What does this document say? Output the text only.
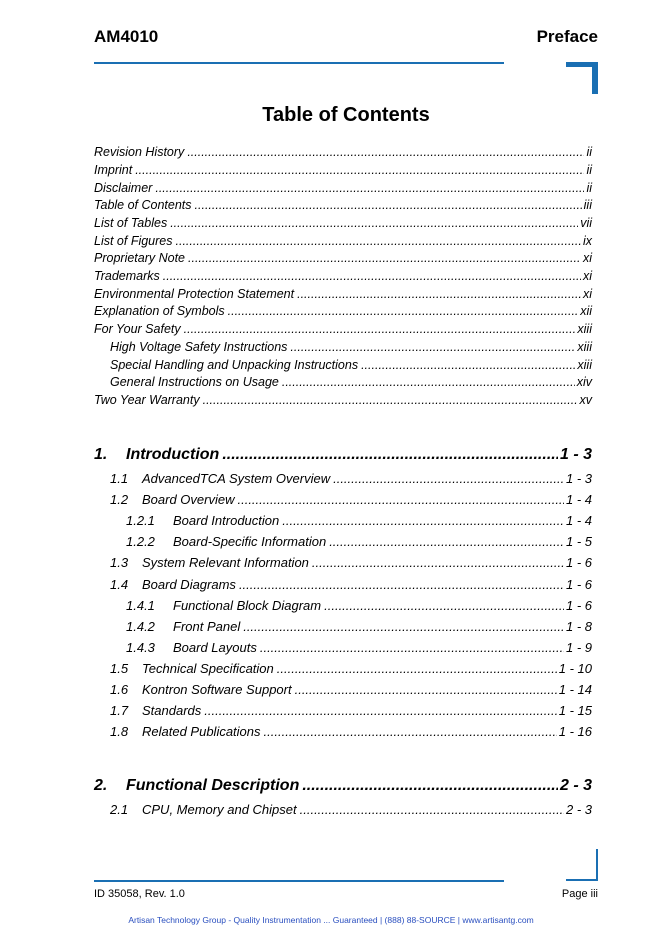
AM4010	Preface
Table of Contents
Revision History .....	ii
Imprint .....	ii
Disclaimer .....	ii
Table of Contents .....	iii
List of Tables .....	vii
List of Figures .....	ix
Proprietary Note .....	xi
Trademarks .....	xi
Environmental Protection Statement .....	xi
Explanation of Symbols .....	xii
For Your Safety .....	xiii
High Voltage Safety Instructions .....	xiii
Special Handling and Unpacking Instructions .....	xiii
General Instructions on Usage .....	xiv
Two Year Warranty .....	xv
1. Introduction .....	1 - 3
1.1 AdvancedTCA System Overview .....	1 - 3
1.2 Board Overview .....	1 - 4
1.2.1 Board Introduction .....	1 - 4
1.2.2 Board-Specific Information .....	1 - 5
1.3 System Relevant Information .....	1 - 6
1.4 Board Diagrams .....	1 - 6
1.4.1 Functional Block Diagram .....	1 - 6
1.4.2 Front Panel .....	1 - 8
1.4.3 Board Layouts .....	1 - 9
1.5 Technical Specification .....	1 - 10
1.6 Kontron Software Support .....	1 - 14
1.7 Standards .....	1 - 15
1.8 Related Publications .....	1 - 16
2. Functional Description .....	2 - 3
2.1 CPU, Memory and Chipset .....	2 - 3
ID 35058, Rev. 1.0	Page iii
Artisan Technology Group - Quality Instrumentation ... Guaranteed | (888) 88-SOURCE | www.artisantg.com
